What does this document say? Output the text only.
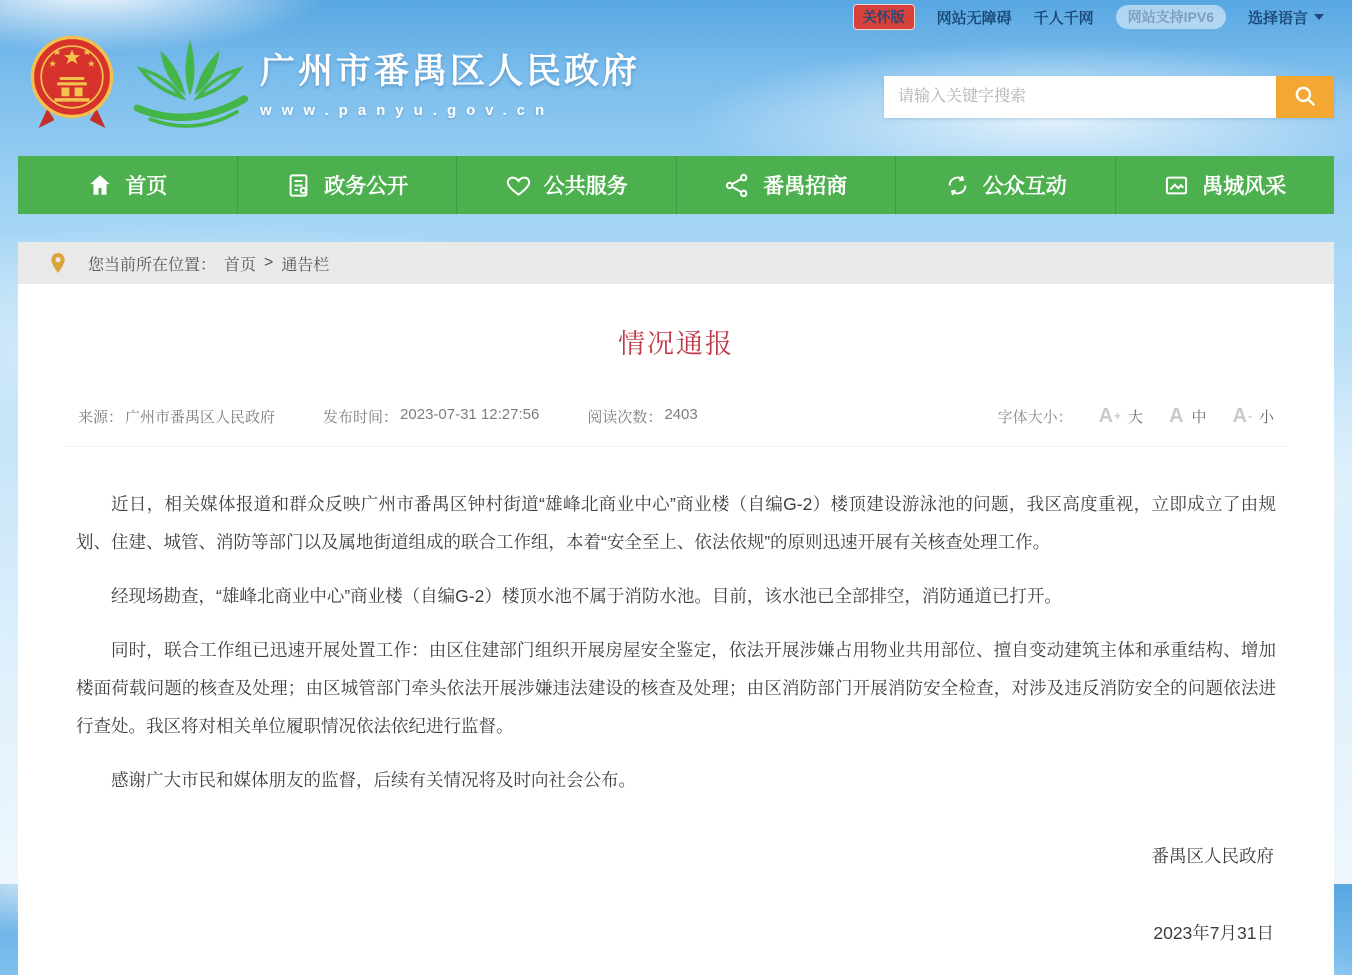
关怀版	网站无障碍 千人千网	网站支持IPV6	选择语言
广州市番禺区人民政府
www.panyu.gov.cn
请输入关键字搜索
首页	政务公开	公共服务	番禺招商	公众互动	禺城风采
您当前所在位置： 首页 > 通告栏
情况通报
来源： 广州市番禺区人民政府	发布时间： 2023-07-31 12:27:56	阅读次数： 2403	字体大小： A+ 大 A 中 A- 小

近日，相关媒体报道和群众反映广州市番禺区钟村街道“雄峰北商业中心”商业楼（自编G-2）楼顶建设游泳池的问题，我区高度重视，立即成立了由规划、住建、城管、消防等部门以及属地街道组成的联合工作组，本着“安全至上、依法依规”的原则迅速开展有关核查处理工作。

经现场勘查，“雄峰北商业中心”商业楼（自编G-2）楼顶水池不属于消防水池。目前，该水池已全部排空，消防通道已打开。

同时，联合工作组已迅速开展处置工作：由区住建部门组织开展房屋安全鉴定，依法开展涉嫌占用物业共用部位、擅自变动建筑主体和承重结构、增加楼面荷载问题的核查及处理；由区城管部门牵头依法开展涉嫌违法建设的核查及处理；由区消防部门开展消防安全检查，对涉及违反消防安全的问题依法进行查处。我区将对相关单位履职情况依法依纪进行监督。

感谢广大市民和媒体朋友的监督，后续有关情况将及时向社会公布。

番禺区人民政府
2023年7月31日
